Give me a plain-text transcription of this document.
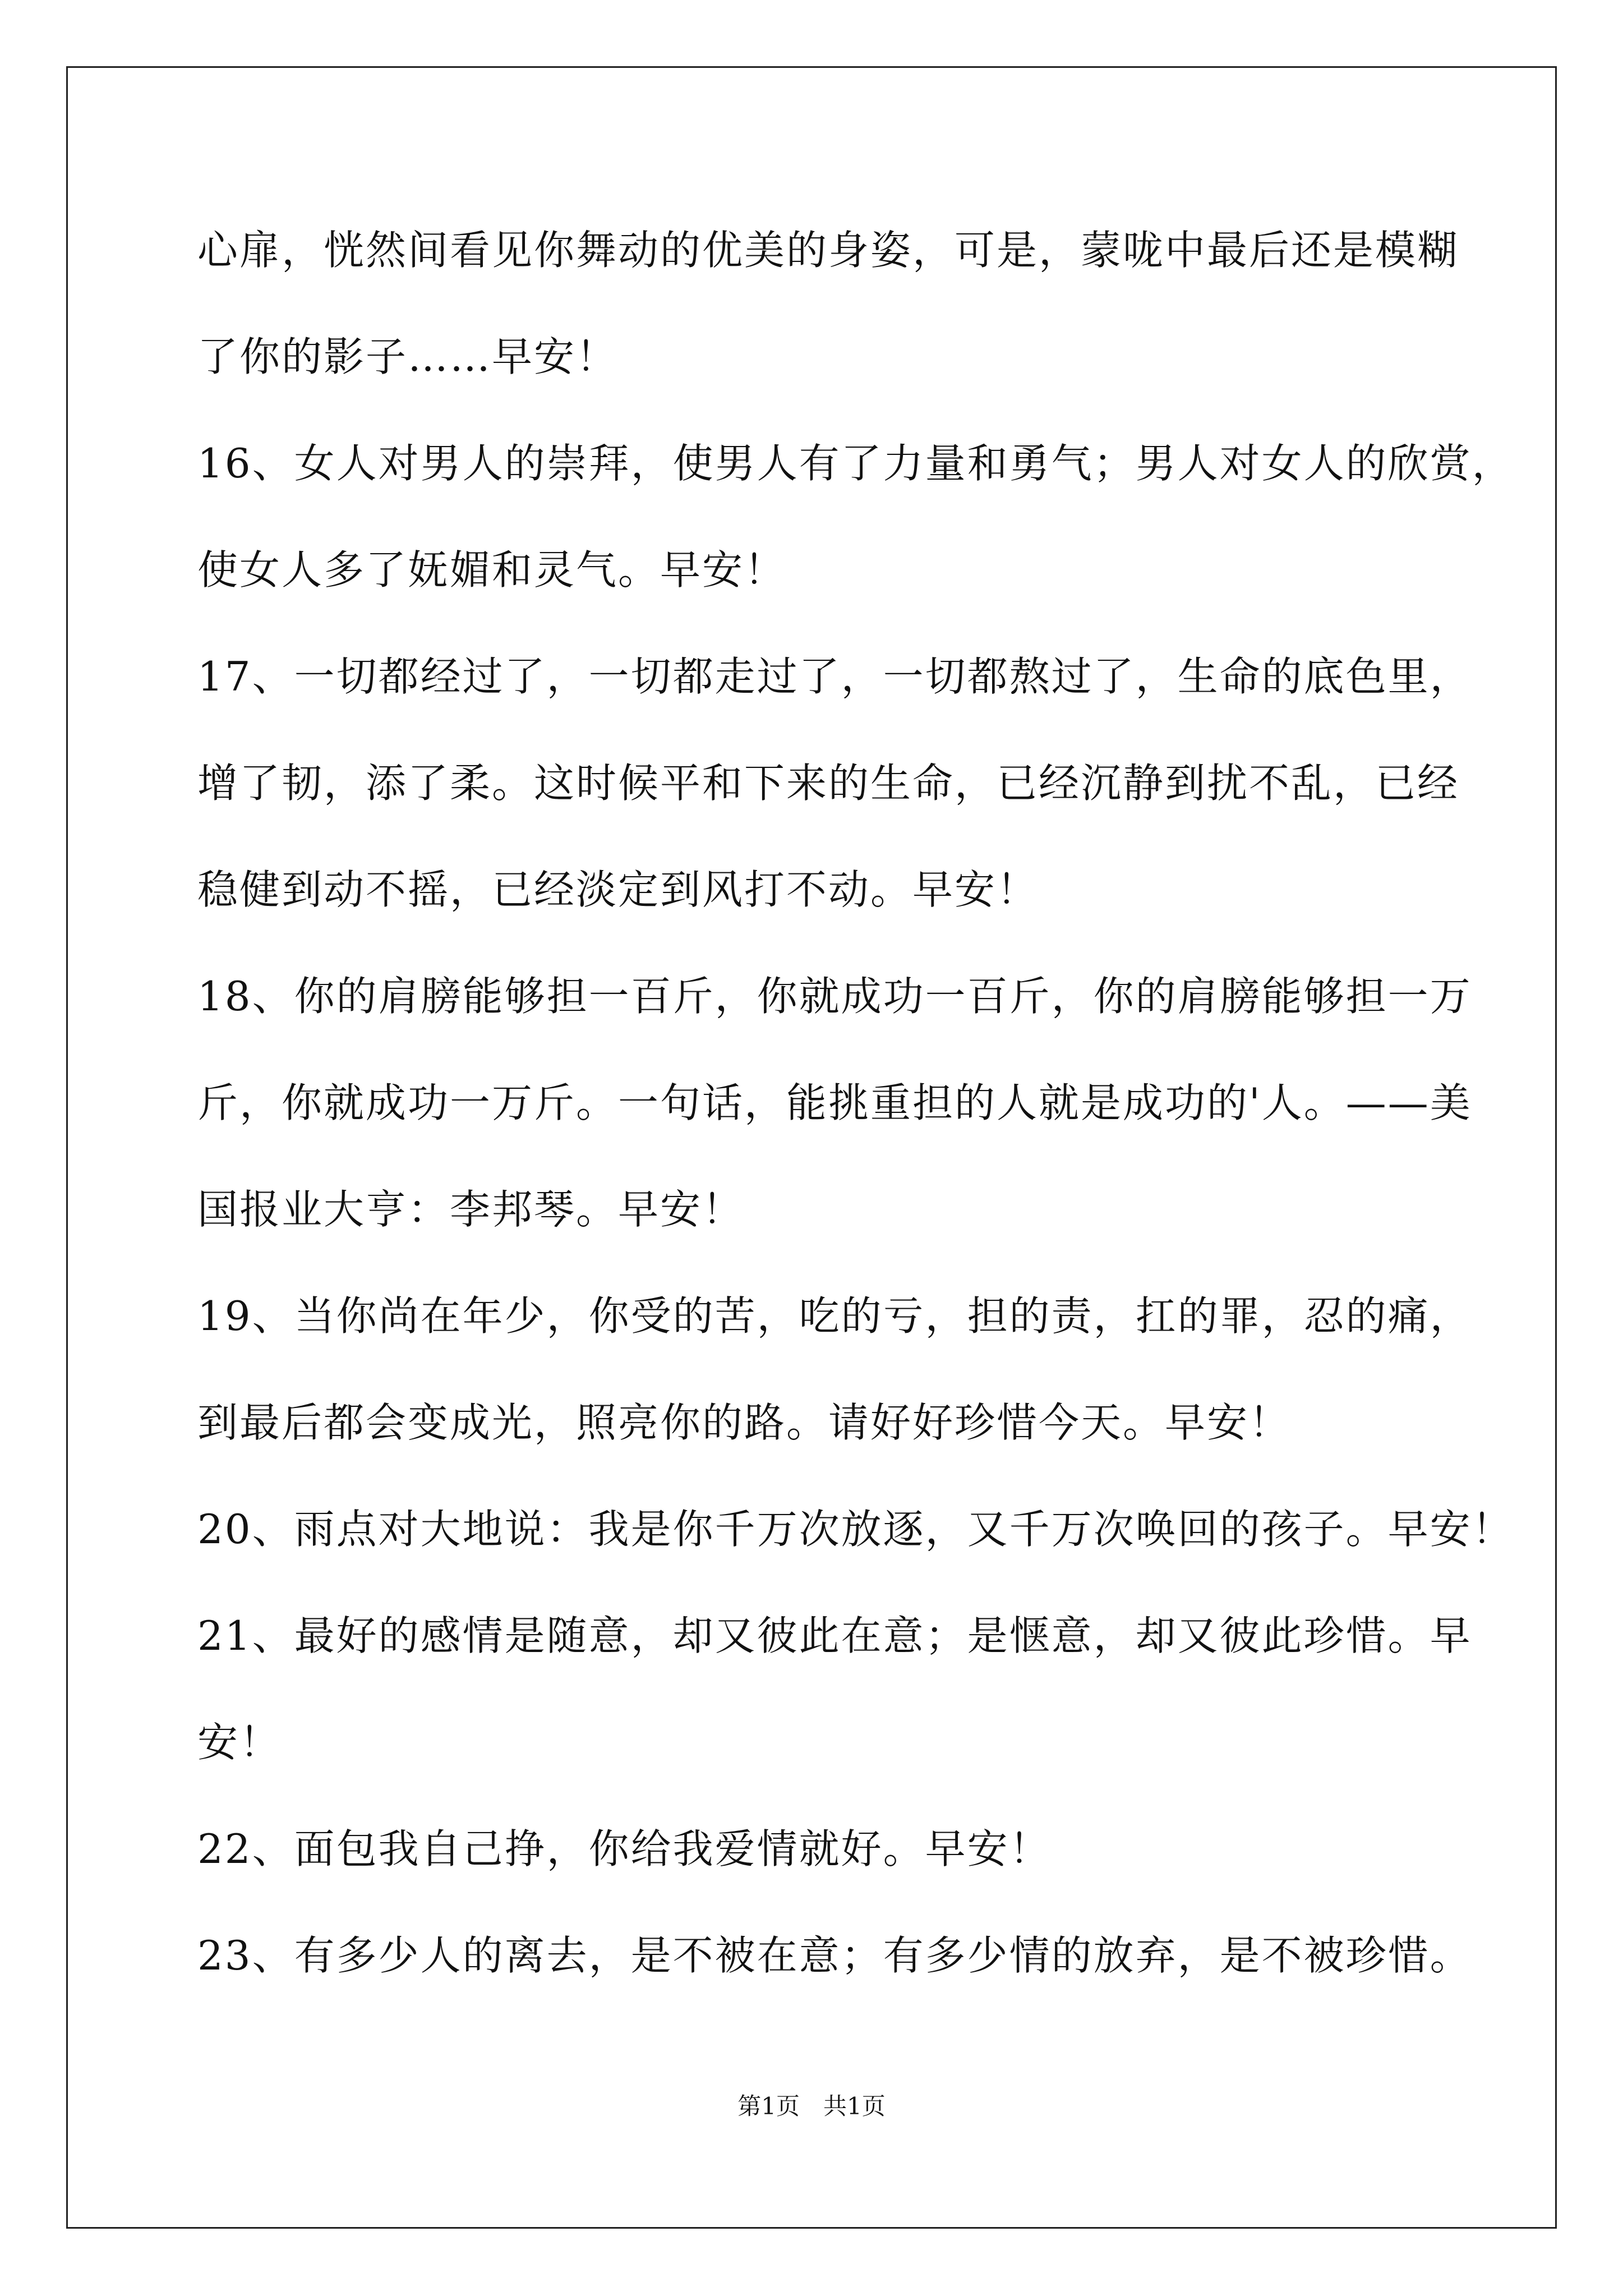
心扉，恍然间看见你舞动的优美的身姿，可是，蒙咙中最后还是模糊
了你的影子……早安！
16、女人对男人的崇拜，使男人有了力量和勇气；男人对女人的欣赏，
使女人多了妩媚和灵气。早安！
17、一切都经过了，一切都走过了，一切都熬过了，生命的底色里，
增了韧，添了柔。这时候平和下来的生命，已经沉静到扰不乱，已经
稳健到动不摇，已经淡定到风打不动。早安！
18、你的肩膀能够担一百斤，你就成功一百斤，你的肩膀能够担一万
斤，你就成功一万斤。一句话，能挑重担的人就是成功的'人。——美
国报业大亨：李邦琴。早安！
19、当你尚在年少，你受的苦，吃的亏，担的责，扛的罪，忍的痛，
到最后都会变成光，照亮你的路。请好好珍惜今天。早安！
20、雨点对大地说：我是你千万次放逐，又千万次唤回的孩子。早安！
21、最好的感情是随意，却又彼此在意；是惬意，却又彼此珍惜。早
安！
22、面包我自己挣，你给我爱情就好。早安！
23、有多少人的离去，是不被在意；有多少情的放弃，是不被珍惜。
第1页　共1页
